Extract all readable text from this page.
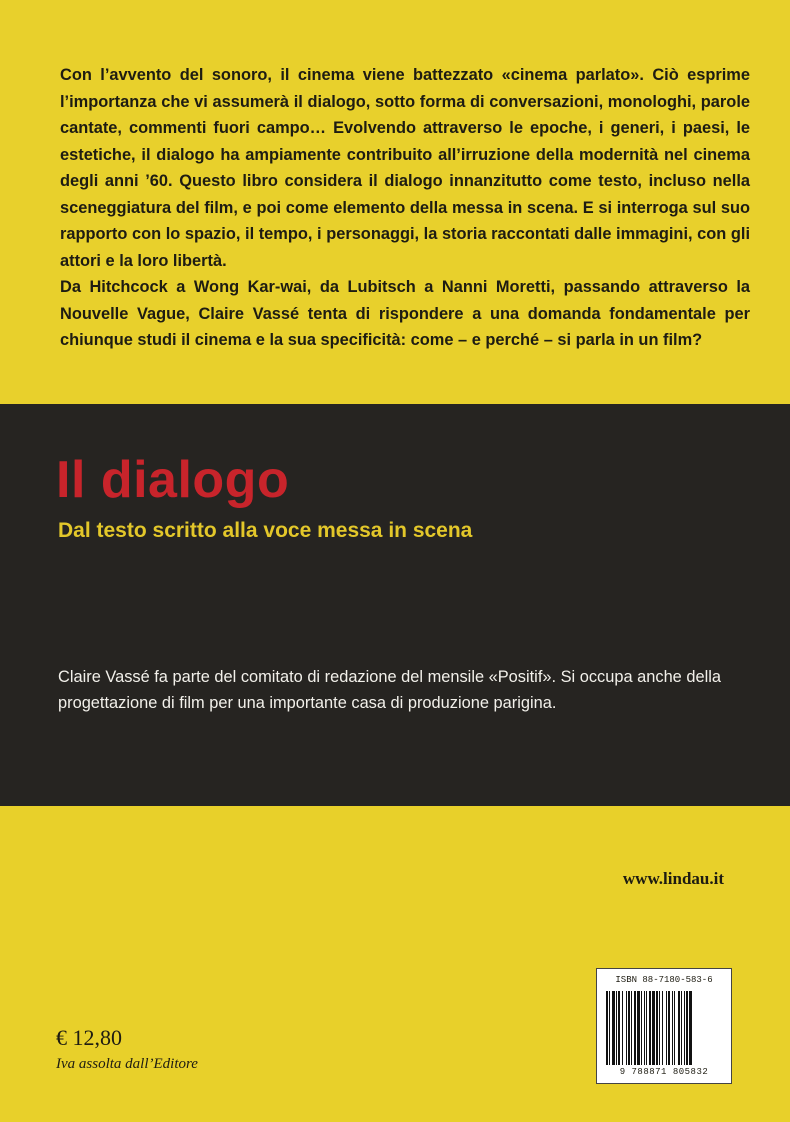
Con l’avvento del sonoro, il cinema viene battezzato «cinema parlato». Ciò esprime l’importanza che vi assumerà il dialogo, sotto forma di conversazioni, monologhi, parole cantate, commenti fuori campo… Evolvendo attraverso le epoche, i generi, i paesi, le estetiche, il dialogo ha ampiamente contribuito all’irruzione della modernità nel cinema degli anni ’60. Questo libro considera il dialogo innanzitutto come testo, incluso nella sceneggiatura del film, e poi come elemento della messa in scena. E si interroga sul suo rapporto con lo spazio, il tempo, i personaggi, la storia raccontati dalle immagini, con gli attori e la loro libertà.

Da Hitchcock a Wong Kar-wai, da Lubitsch a Nanni Moretti, passando attraverso la Nouvelle Vague, Claire Vassé tenta di rispondere a una domanda fondamentale per chiunque studi il cinema e la sua specificità: come – e perché – si parla in un film?

Il dialogo
Dal testo scritto alla voce messa in scena

Claire Vassé fa parte del comitato di redazione del mensile «Positif». Si occupa anche della progettazione di film per una importante casa di produzione parigina.

www.lindau.it

€ 12,80

Iva assolta dall’Editore

ISBN 88-7180-583-6
9 788871 805832
